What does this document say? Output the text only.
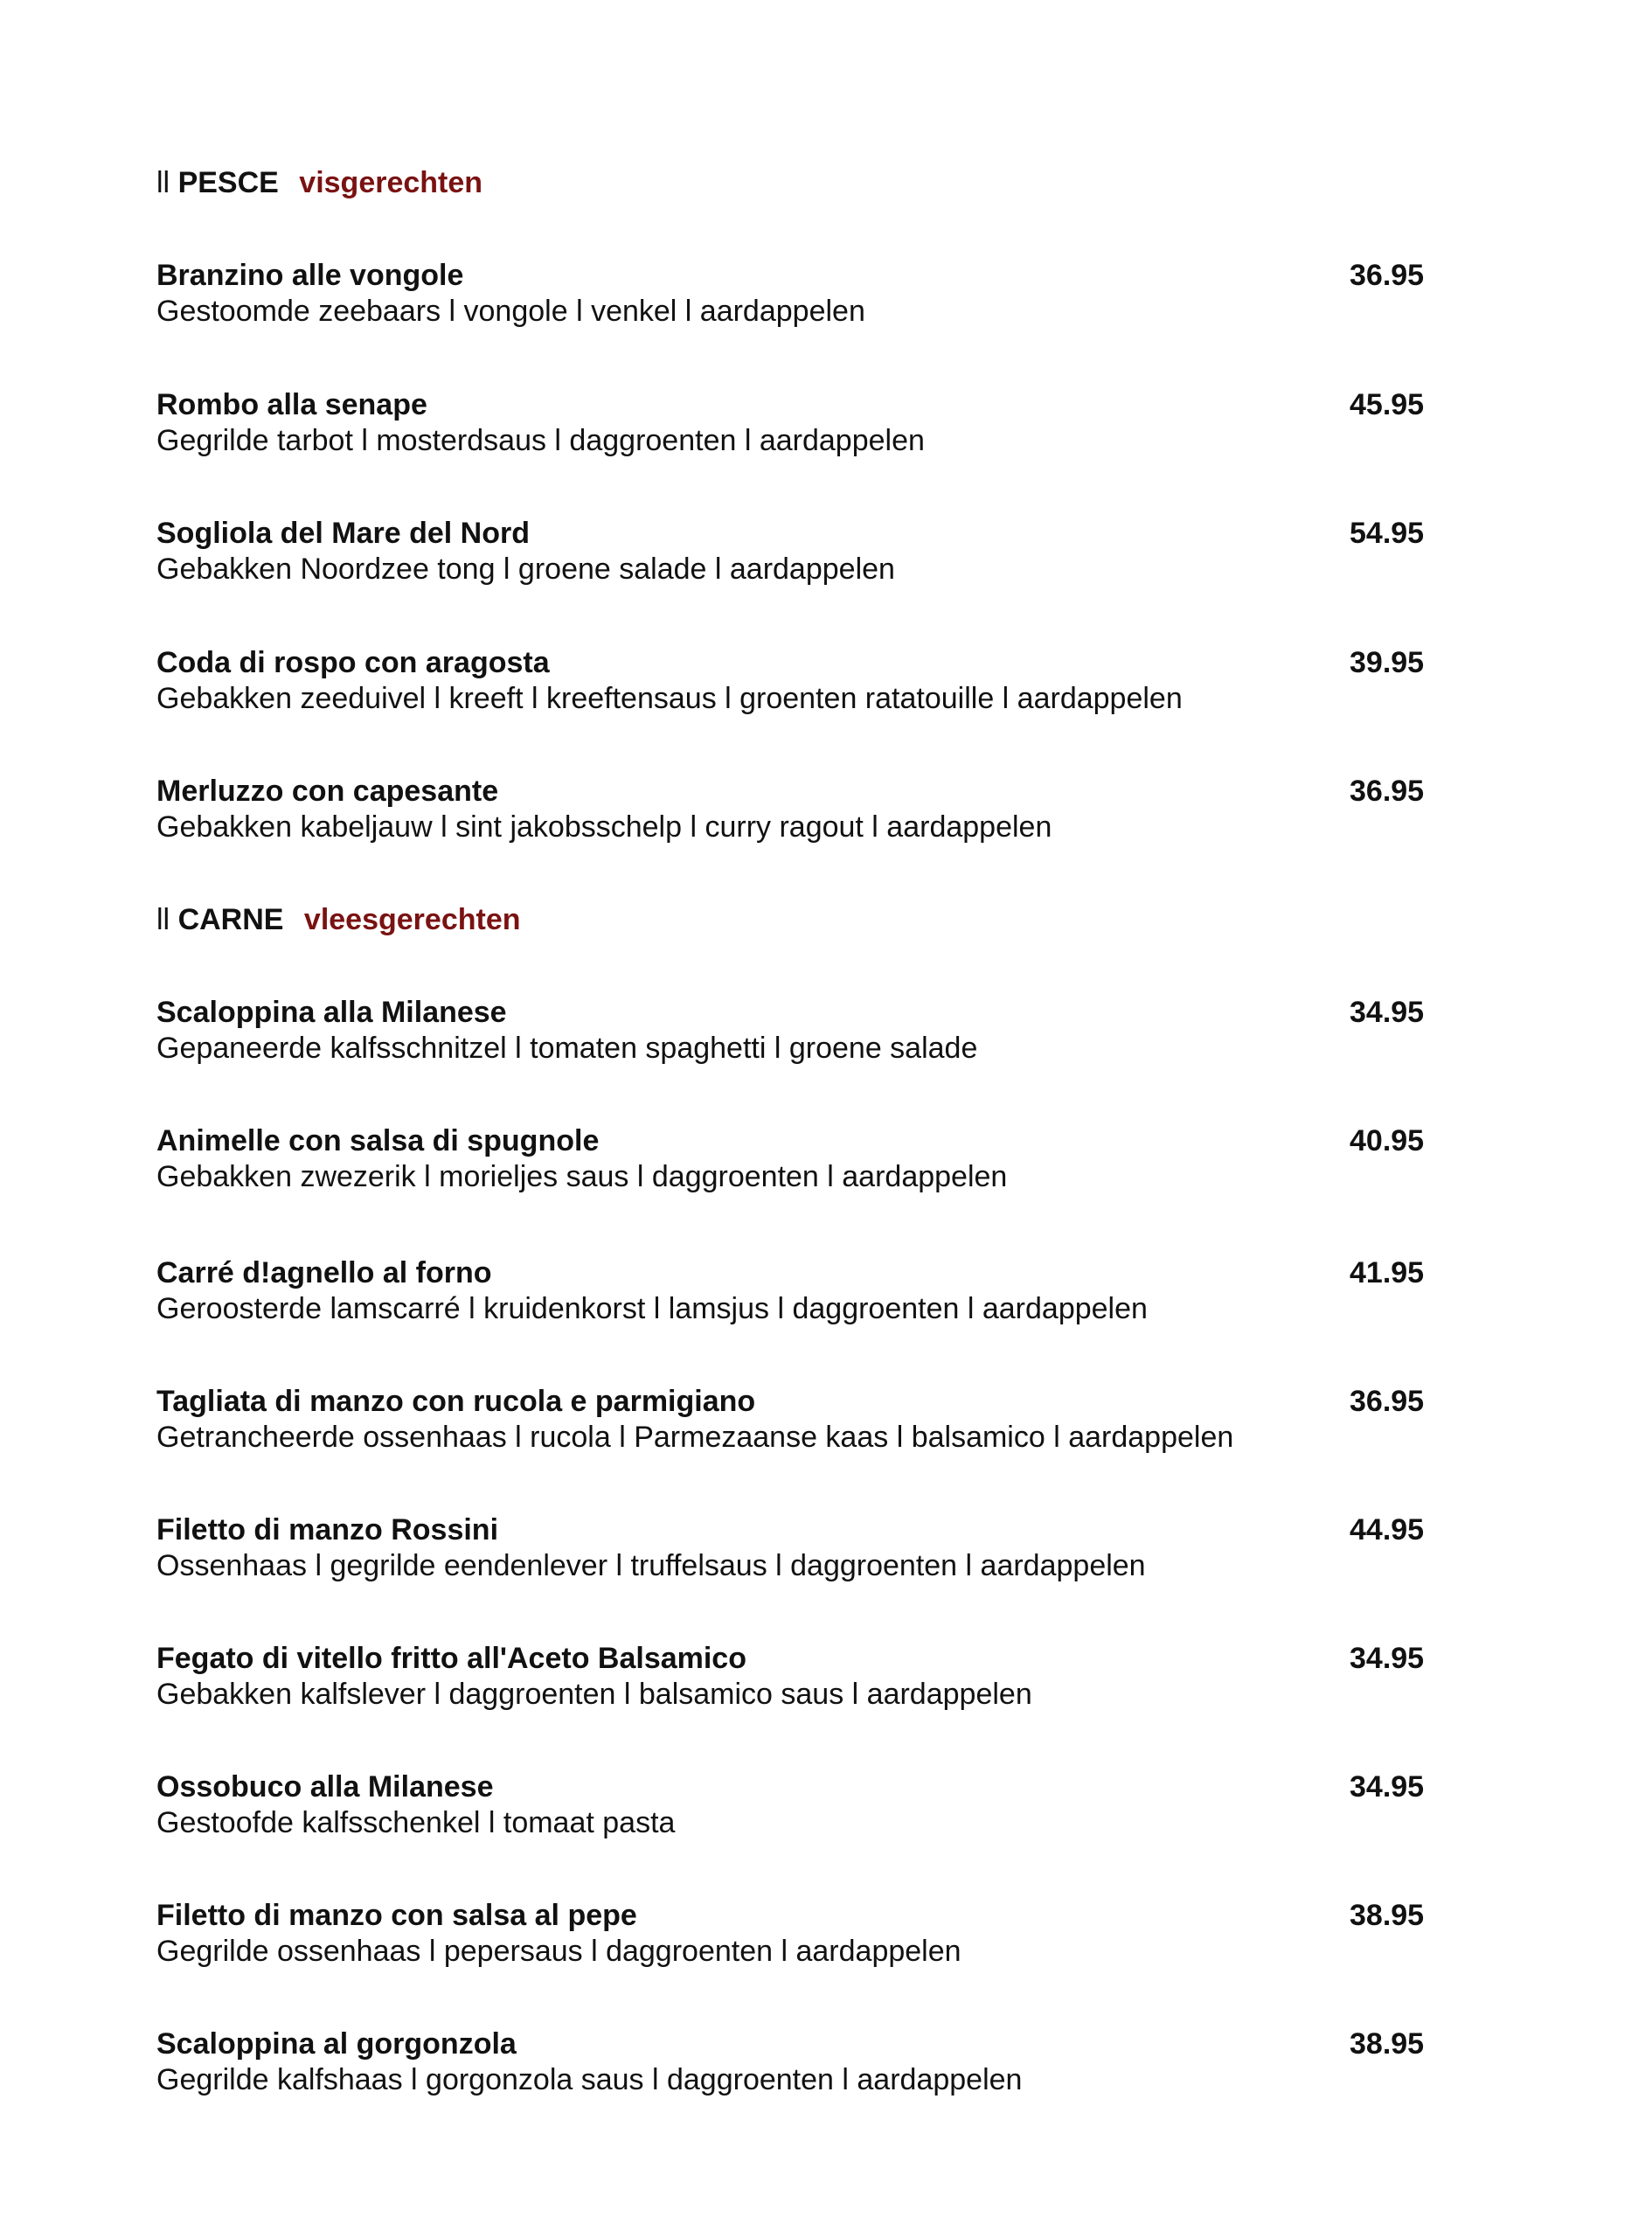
ll PESCE visgerechten
Branzino alle vongole
Gestoomde zeebaars l vongole l venkel l aardappelen
36.95
Rombo alla senape
Gegrilde tarbot l mosterdsaus l daggroenten l aardappelen
45.95
Sogliola del Mare del Nord
Gebakken Noordzee tong l groene salade l aardappelen
54.95
Coda di rospo con aragosta
Gebakken zeeduivel l kreeft l kreeftensaus l groenten ratatouille l aardappelen
39.95
Merluzzo con capesante
Gebakken kabeljauw l sint jakobsschelp l curry ragout l aardappelen
36.95
ll CARNE vleesgerechten
Scaloppina alla Milanese
Gepaneerde kalfsschnitzel l tomaten spaghetti l groene salade
34.95
Animelle con salsa di spugnole
Gebakken zwezerik l morieljes saus l daggroenten l aardappelen
40.95
Carré d!agnello al forno
Geroosterde lamscarré l kruidenkorst l lamsjus l daggroenten l aardappelen
41.95
Tagliata di manzo con rucola e parmigiano
Getrancheerde ossenhaas l rucola l Parmezaanse kaas l balsamico l aardappelen
36.95
Filetto di manzo Rossini
Ossenhaas l gegrilde eendenlever l truffelsaus l daggroenten l aardappelen
44.95
Fegato di vitello fritto all'Aceto Balsamico
Gebakken kalfslever l daggroenten l balsamico saus l aardappelen
34.95
Ossobuco alla Milanese
Gestoofde kalfsschenkel l tomaat pasta
34.95
Filetto di manzo con salsa al pepe
Gegrilde ossenhaas l pepersaus l daggroenten l aardappelen
38.95
Scaloppina al gorgonzola
Gegrilde kalfshaas l gorgonzola saus l daggroenten l aardappelen
38.95
